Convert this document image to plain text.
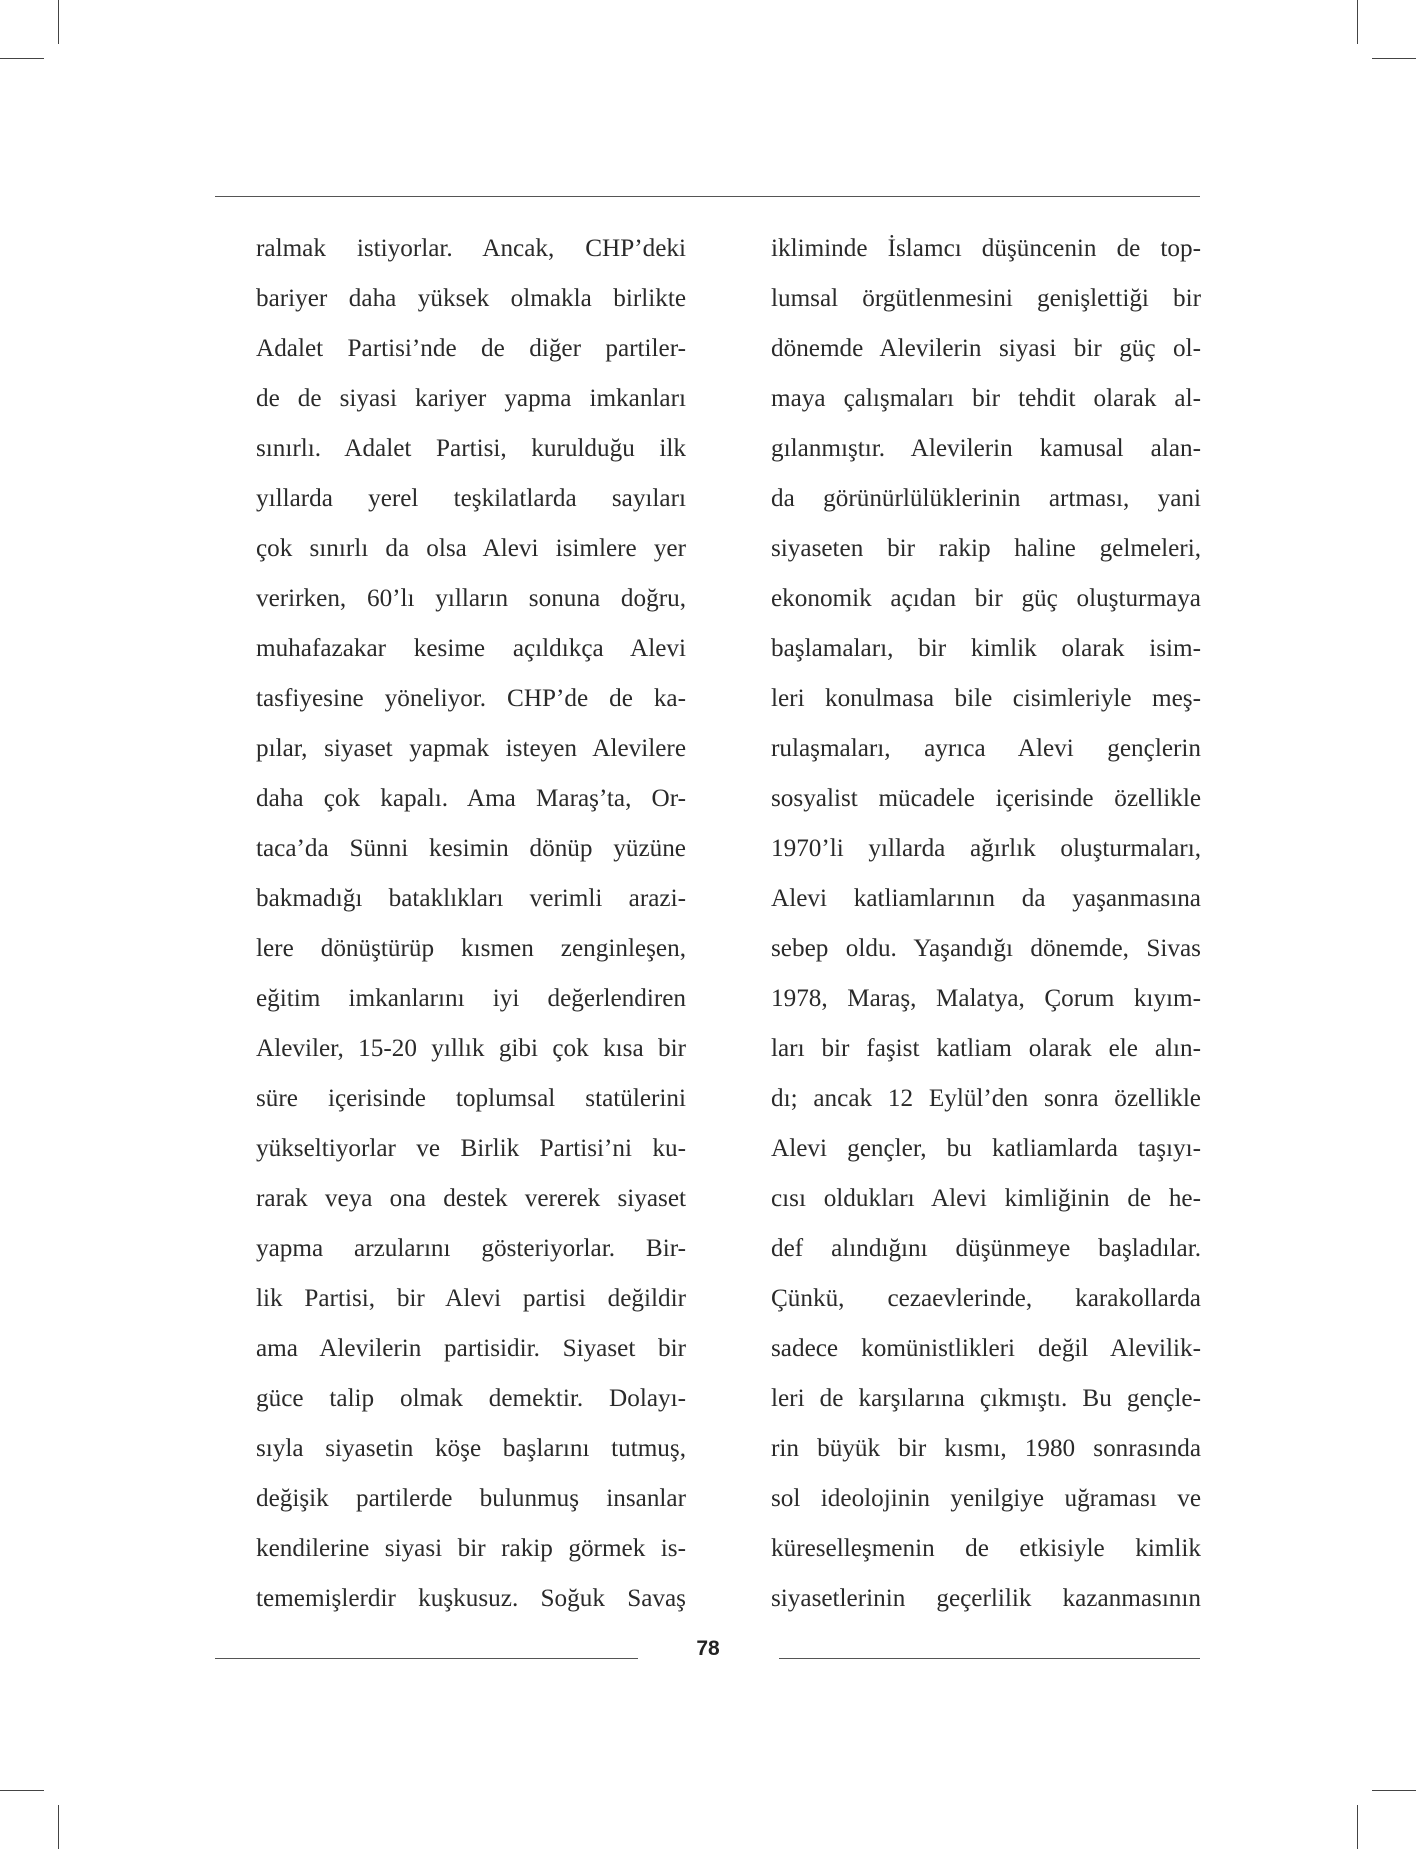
ralmak istiyorlar. Ancak, CHP’deki
bariyer daha yüksek olmakla birlikte
Adalet Partisi’nde de diğer partiler-
de de siyasi kariyer yapma imkanları
sınırlı. Adalet Partisi, kurulduğu ilk
yıllarda yerel teşkilatlarda sayıları
çok sınırlı da olsa Alevi isimlere yer
verirken, 60’lı yılların sonuna doğru,
muhafazakar kesime açıldıkça Alevi
tasfiyesine yöneliyor. CHP’de de ka-
pılar, siyaset yapmak isteyen Alevilere
daha çok kapalı. Ama Maraş’ta, Or-
taca’da Sünni kesimin dönüp yüzüne
bakmadığı bataklıkları verimli arazi-
lere dönüştürüp kısmen zenginleşen,
eğitim imkanlarını iyi değerlendiren
Aleviler, 15-20 yıllık gibi çok kısa bir
süre içerisinde toplumsal statülerini
yükseltiyorlar ve Birlik Partisi’ni ku-
rarak veya ona destek vererek siyaset
yapma arzularını gösteriyorlar. Bir-
lik Partisi, bir Alevi partisi değildir
ama Alevilerin partisidir. Siyaset bir
güce talip olmak demektir. Dolayı-
sıyla siyasetin köşe başlarını tutmuş,
değişik partilerde bulunmuş insanlar
kendilerine siyasi bir rakip görmek is-
tememişlerdir kuşkusuz. Soğuk Savaş
ikliminde İslamcı düşüncenin de top-
lumsal örgütlenmesini genişlettiği bir
dönemde Alevilerin siyasi bir güç ol-
maya çalışmaları bir tehdit olarak al-
gılanmıştır. Alevilerin kamusal alan-
da görünürlülüklerinin artması, yani
siyaseten bir rakip haline gelmeleri,
ekonomik açıdan bir güç oluşturmaya
başlamaları, bir kimlik olarak isim-
leri konulmasa bile cisimleriyle meş-
rulaşmaları, ayrıca Alevi gençlerin
sosyalist mücadele içerisinde özellikle
1970’li yıllarda ağırlık oluşturmaları,
Alevi katliamlarının da yaşanmasına
sebep oldu. Yaşandığı dönemde, Sivas
1978, Maraş, Malatya, Çorum kıyım-
ları bir faşist katliam olarak ele alın-
dı; ancak 12 Eylül’den sonra özellikle
Alevi gençler, bu katliamlarda taşıyı-
cısı oldukları Alevi kimliğinin de he-
def alındığını düşünmeye başladılar.
Çünkü, cezaevlerinde, karakollarda
sadece komünistlikleri değil Alevilik-
leri de karşılarına çıkmıştı. Bu gençle-
rin büyük bir kısmı, 1980 sonrasında
sol ideolojinin yenilgiye uğraması ve
küreselleşmenin de etkisiyle kimlik
siyasetlerinin geçerlilik kazanmasının
78
